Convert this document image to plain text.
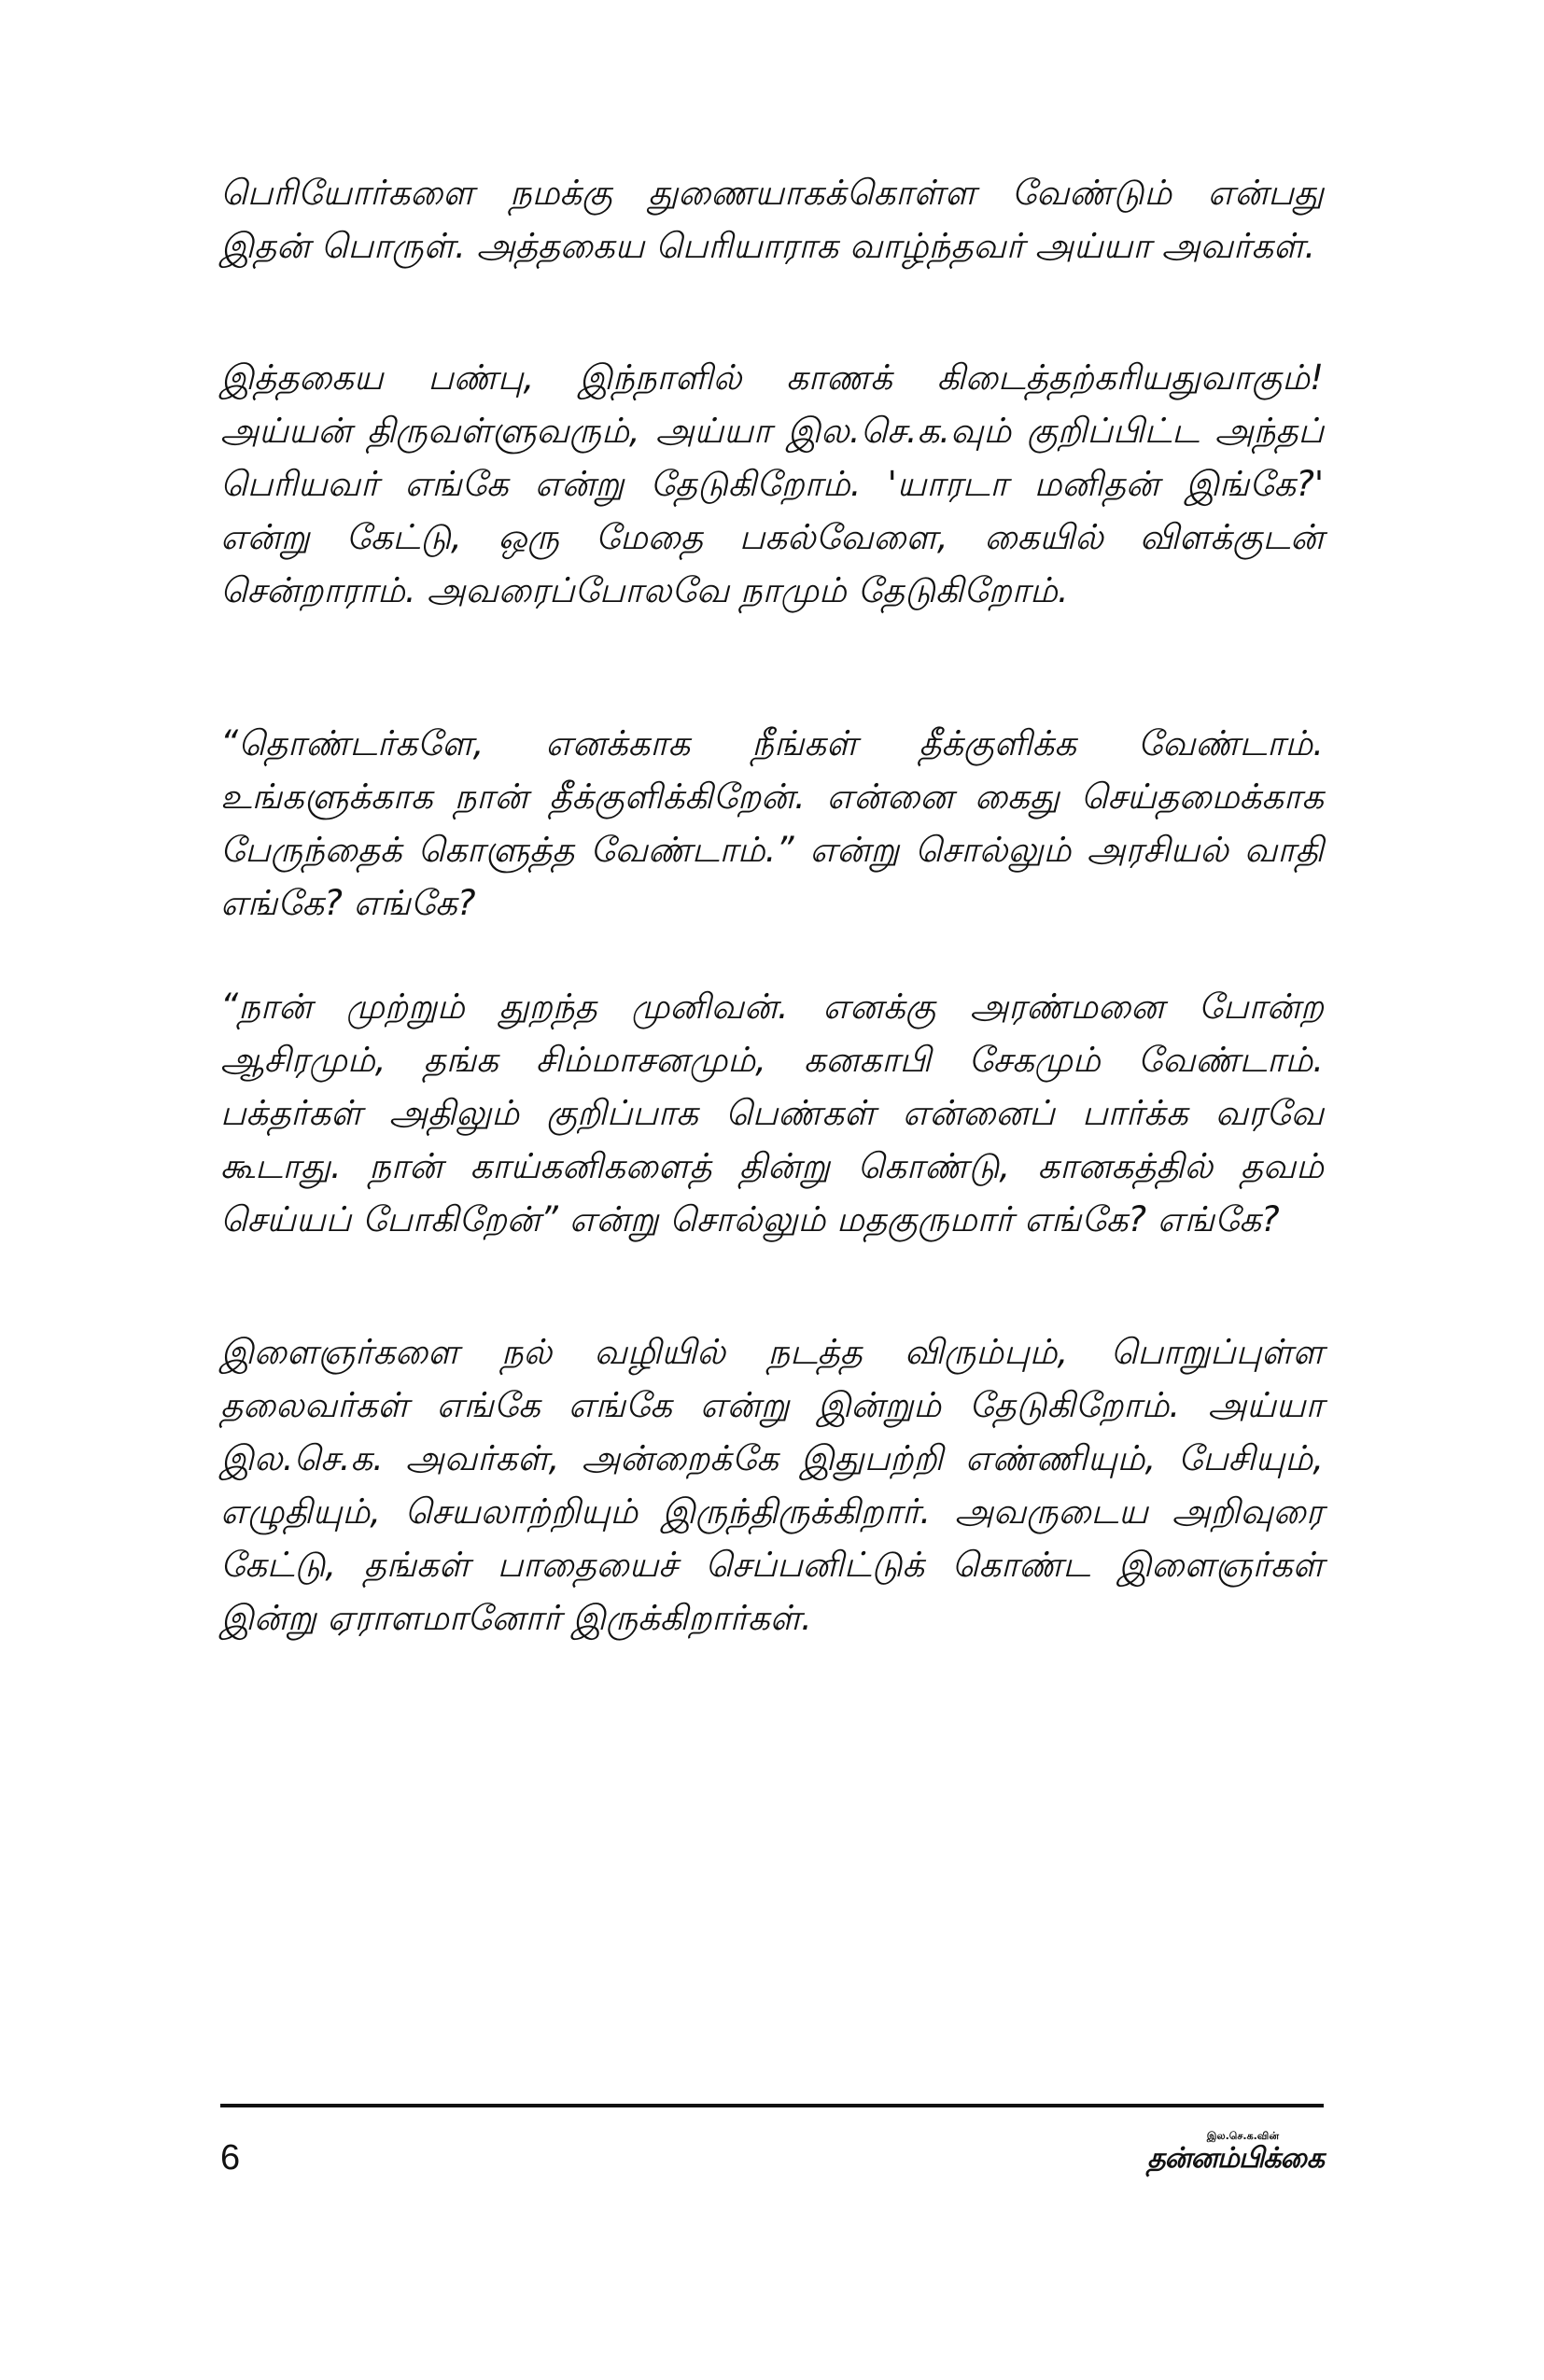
பெரியோர்களை நமக்கு துணையாகக்கொள்ள வேண்டும் என்பது இதன் பொருள். அத்தகைய பெரியாராக வாழ்ந்தவர் அய்யா அவர்கள்.

இத்தகைய பண்பு, இந்நாளில் காணக் கிடைத்தற்கரியதுவாகும்! அய்யன் திருவள்ளுவரும், அய்யா இல.செ.க.வும் குறிப்பிட்ட அந்தப் பெரியவர் எங்கே என்று தேடுகிறோம். 'யாரடா மனிதன் இங்கே?' என்று கேட்டு, ஒரு மேதை பகல்வேளை, கையில் விளக்குடன் சென்றாராம். அவரைப்போலவே நாமும் தேடுகிறோம்.

“தொண்டர்களே, எனக்காக நீங்கள் தீக்குளிக்க வேண்டாம். உங்களுக்காக நான் தீக்குளிக்கிறேன். என்னை கைது செய்தமைக்காக பேருந்தைக் கொளுத்த வேண்டாம்.” என்று சொல்லும் அரசியல் வாதி எங்கே? எங்கே?

“நான் முற்றும் துறந்த முனிவன். எனக்கு அரண்மனை போன்ற ஆசிரமும், தங்க சிம்மாசனமும், கனகாபி சேகமும் வேண்டாம். பக்தர்கள் அதிலும் குறிப்பாக பெண்கள் என்னைப் பார்க்க வரவே கூடாது. நான் காய்கனிகளைத் தின்று கொண்டு, கானகத்தில் தவம் செய்யப் போகிறேன்” என்று சொல்லும் மதகுருமார் எங்கே? எங்கே?

இளைஞர்களை நல் வழியில் நடத்த விரும்பும், பொறுப்புள்ள தலைவர்கள் எங்கே எங்கே என்று இன்றும் தேடுகிறோம். அய்யா இல.செ.க. அவர்கள், அன்றைக்கே இதுபற்றி எண்ணியும், பேசியும், எழுதியும், செயலாற்றியும் இருந்திருக்கிறார். அவருடைய அறிவுரை கேட்டு, தங்கள் பாதையைச் செப்பனிட்டுக் கொண்ட இளைஞர்கள் இன்று ஏராளமானோர் இருக்கிறார்கள்.

6
இல.செ.க.வின்
தன்னம்பிக்கை
